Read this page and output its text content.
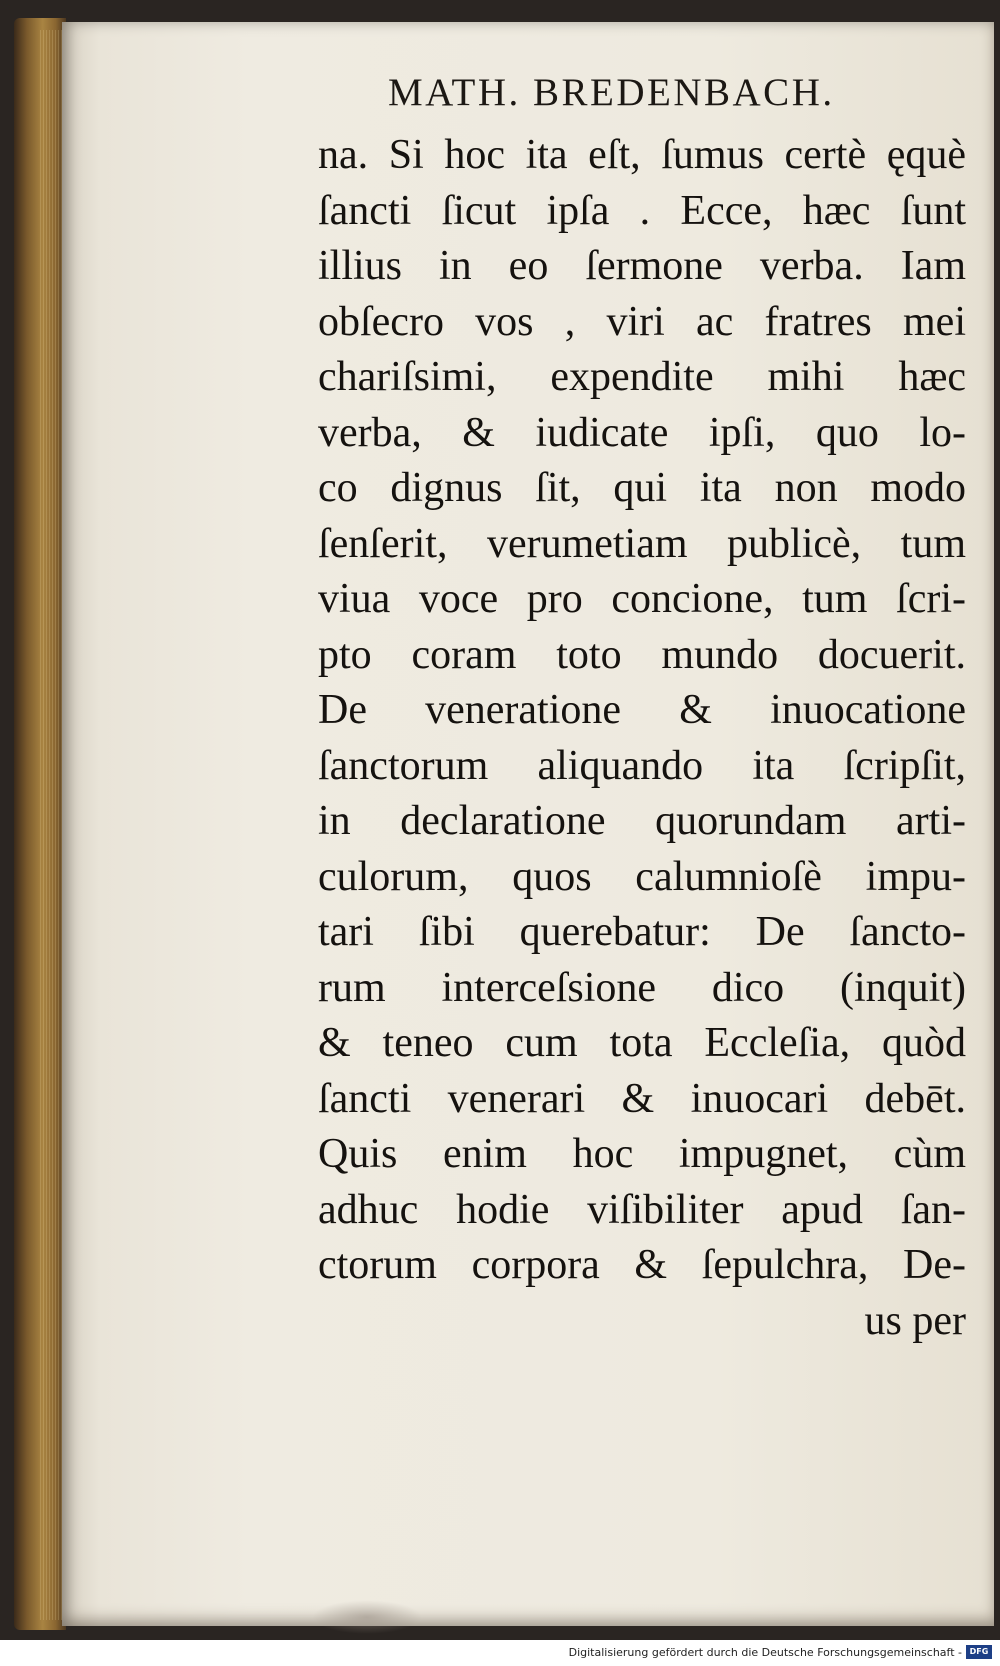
MATH. BREDENBACH.
na. Si hoc ita eſt, ſumus certè ęquè
ſancti ſicut ipſa . Ecce, hæc ſunt
illius in eo ſermone verba. Iam
obſecro vos , viri ac fratres mei
chariſsimi, expendite mihi hæc
verba, & iudicate ipſi, quo lo-
co dignus ſit, qui ita non modo
ſenſerit, verumetiam publicè, tum
viua voce pro concione, tum ſcri-
pto coram toto mundo docuerit.
De veneratione & inuocatione
ſanctorum aliquando ita ſcripſit,
in declaratione quorundam arti-
culorum, quos calumnioſè impu-
tari ſibi querebatur: De ſancto-
rum interceſsione dico (inquit)
& teneo cum tota Eccleſia, quòd
ſancti venerari & inuocari debēt.
Quis enim hoc impugnet, cùm
adhuc hodie viſibiliter apud ſan-
ctorum corpora & ſepulchra, De-
us per
Digitalisierung gefördert durch die Deutsche Forschungsgemeinschaft - DFG
